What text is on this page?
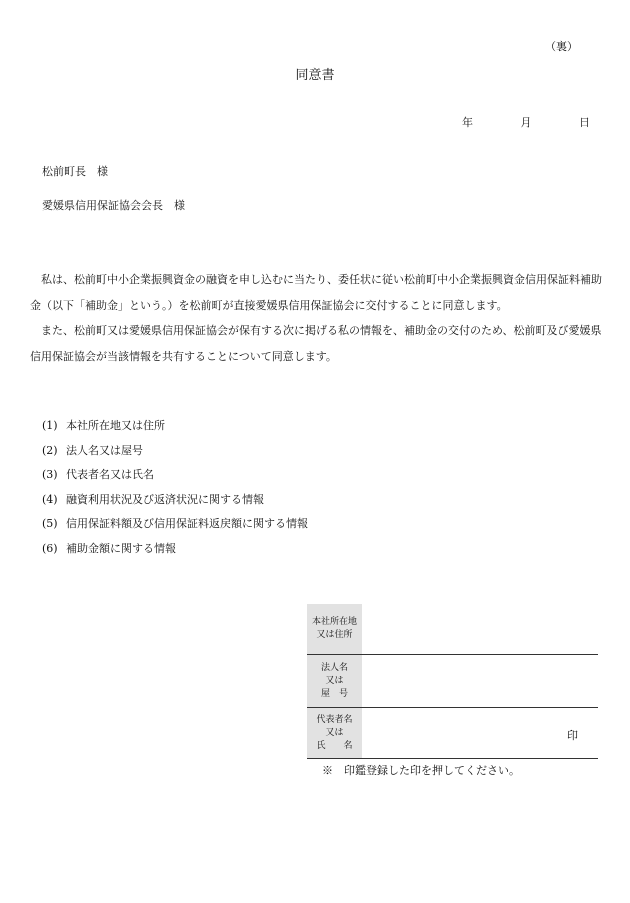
（裏）
同意書
年	月	日
松前町長　様
愛媛県信用保証協会会長　様

私は、松前町中小企業振興資金の融資を申し込むに当たり、委任状に従い松前町中小企業振興資金信用保証料補助金（以下「補助金」という。）を松前町が直接愛媛県信用保証協会に交付することに同意します。

また、松前町又は愛媛県信用保証協会が保有する次に掲げる私の情報を、補助金の交付のため、松前町及び愛媛県信用保証協会が当該情報を共有することについて同意します。

(1) 本社所在地又は住所
(2) 法人名又は屋号
(3) 代表者名又は氏名
(4) 融資利用状況及び返済状況に関する情報
(5) 信用保証料額及び信用保証料返戻額に関する情報
(6) 補助金額に関する情報
本社所在地
又は住所	

法人名
又は
屋　号	

代表者名
又は
氏　　名	印
※　印鑑登録した印を押してください。
